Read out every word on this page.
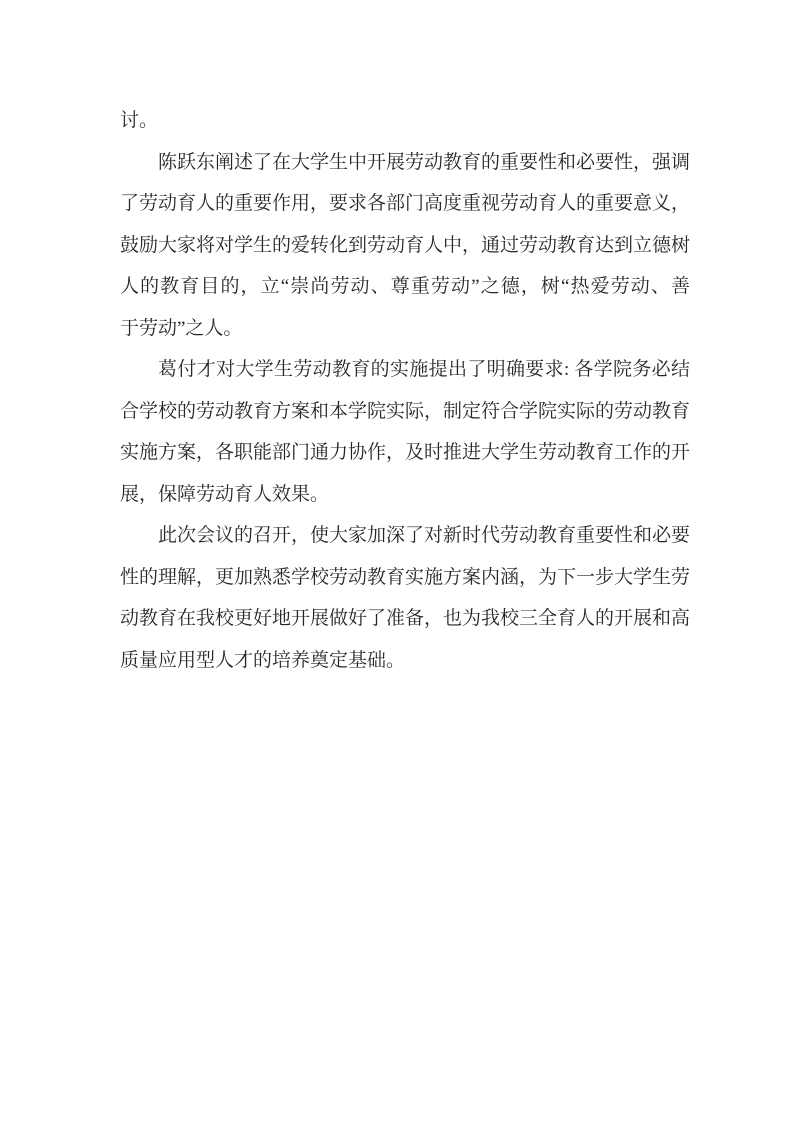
讨。
陈跃东阐述了在大学生中开展劳动教育的重要性和必要性，强调
了劳动育人的重要作用，要求各部门高度重视劳动育人的重要意义，
鼓励大家将对学生的爱转化到劳动育人中，通过劳动教育达到立德树
人的教育目的，立“崇尚劳动、尊重劳动”之德，树“热爱劳动、善
于劳动”之人。
葛付才对大学生劳动教育的实施提出了明确要求: 各学院务必结
合学校的劳动教育方案和本学院实际，制定符合学院实际的劳动教育
实施方案，各职能部门通力协作，及时推进大学生劳动教育工作的开
展，保障劳动育人效果。
此次会议的召开，使大家加深了对新时代劳动教育重要性和必要
性的理解，更加熟悉学校劳动教育实施方案内涵，为下一步大学生劳
动教育在我校更好地开展做好了准备，也为我校三全育人的开展和高
质量应用型人才的培养奠定基础。
